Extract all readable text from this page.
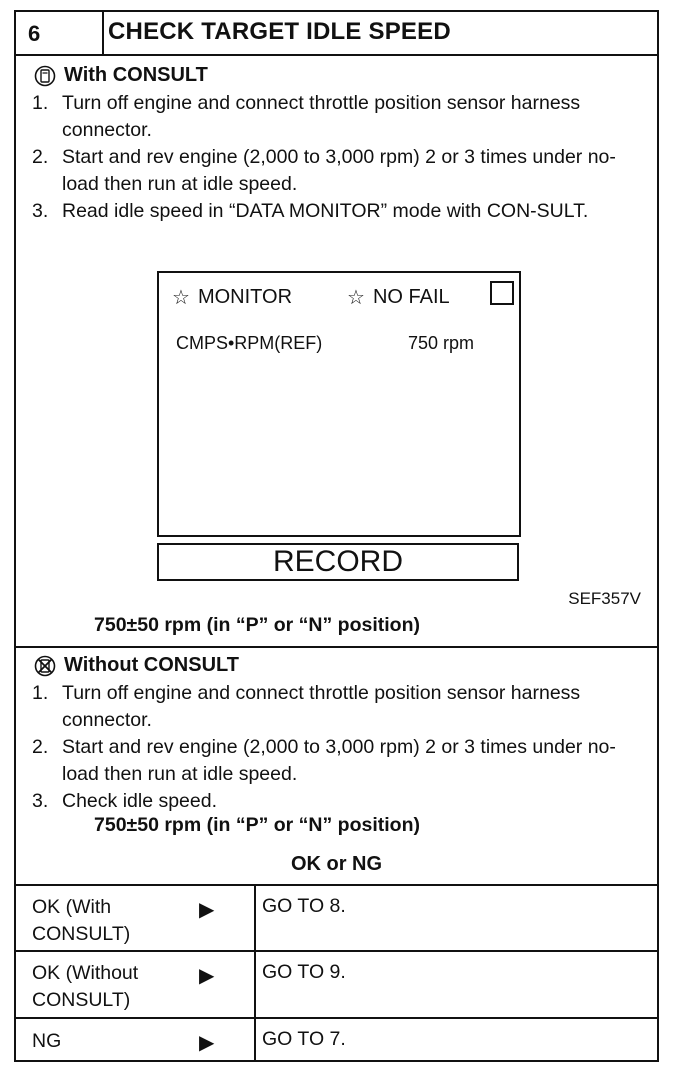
6	CHECK TARGET IDLE SPEED
With CONSULT
1. Turn off engine and connect throttle position sensor harness connector.
2. Start and rev engine (2,000 to 3,000 rpm) 2 or 3 times under no-load then run at idle speed.
3. Read idle speed in “DATA MONITOR” mode with CON-SULT.
☆ MONITOR	☆ NO FAIL
CMPS•RPM(REF)	750 rpm
RECORD
SEF357V
750±50 rpm (in “P” or “N” position)
Without CONSULT
1. Turn off engine and connect throttle position sensor harness connector.
2. Start and rev engine (2,000 to 3,000 rpm) 2 or 3 times under no-load then run at idle speed.
3. Check idle speed.
750±50 rpm (in “P” or “N” position)
OK or NG
OK (With
CONSULT)
▶ GO TO 8.
OK (Without
CONSULT)
▶ GO TO 9.
NG	▶ GO TO 7.
